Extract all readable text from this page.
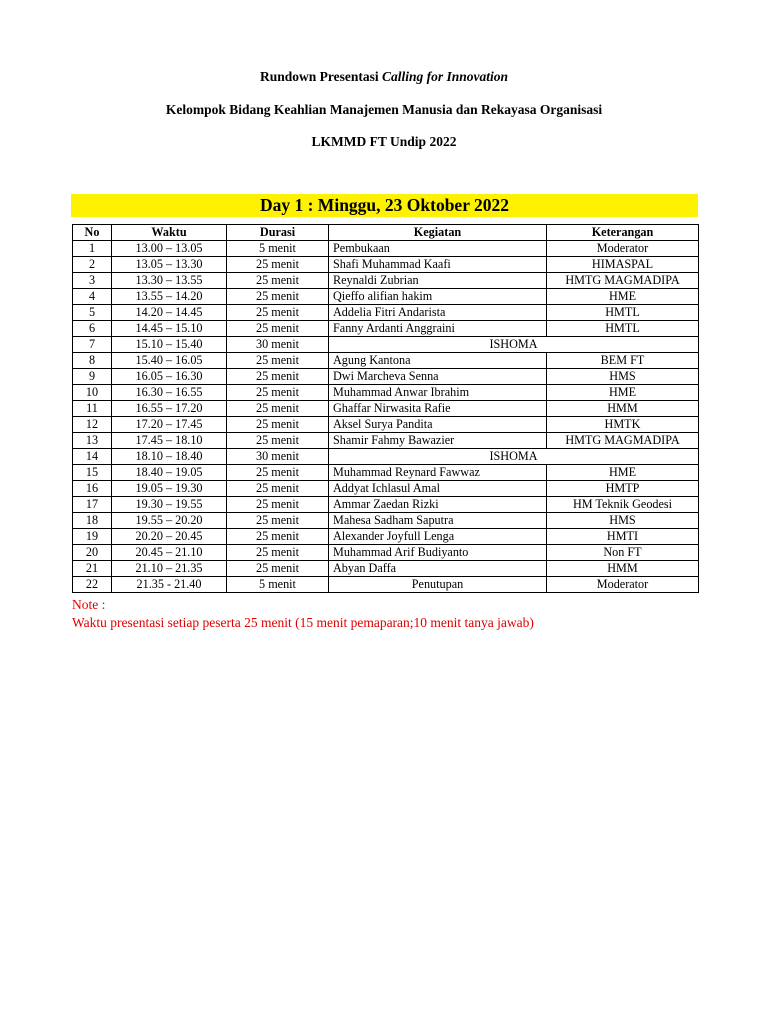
Rundown Presentasi Calling for Innovation
Kelompok Bidang Keahlian Manajemen Manusia dan Rekayasa Organisasi
LKMMD FT Undip 2022
Day 1 : Minggu, 23 Oktober 2022
No	Waktu	Durasi	Kegiatan	Keterangan
1	13.00 – 13.05	5 menit	Pembukaan	Moderator
2	13.05 – 13.30	25 menit	Shafi Muhammad Kaafi	HIMASPAL
3	13.30 – 13.55	25 menit	Reynaldi Zubrian	HMTG MAGMADIPA
4	13.55 – 14.20	25 menit	Qieffo alifian hakim	HME
5	14.20 – 14.45	25 menit	Addelia Fitri Andarista	HMTL
6	14.45 – 15.10	25 menit	Fanny Ardanti Anggraini	HMTL
7	15.10 – 15.40	30 menit	ISHOMA	
8	15.40 – 16.05	25 menit	Agung Kantona	BEM FT
9	16.05 – 16.30	25 menit	Dwi Marcheva Senna	HMS
10	16.30 – 16.55	25 menit	Muhammad Anwar Ibrahim	HME
11	16.55 – 17.20	25 menit	Ghaffar Nirwasita Rafie	HMM
12	17.20 – 17.45	25 menit	Aksel Surya Pandita	HMTK
13	17.45 – 18.10	25 menit	Shamir Fahmy Bawazier	HMTG MAGMADIPA
14	18.10 – 18.40	30 menit	ISHOMA	
15	18.40 – 19.05	25 menit	Muhammad Reynard Fawwaz	HME
16	19.05 – 19.30	25 menit	Addyat Ichlasul Amal	HMTP
17	19.30 – 19.55	25 menit	Ammar Zaedan Rizki	HM Teknik Geodesi
18	19.55 – 20.20	25 menit	Mahesa Sadham Saputra	HMS
19	20.20 – 20.45	25 menit	Alexander Joyfull Lenga	HMTI
20	20.45 – 21.10	25 menit	Muhammad Arif Budiyanto	Non FT
21	21.10 – 21.35	25 menit	Abyan Daffa	HMM
22	21.35 - 21.40	5 menit	Penutupan	Moderator
Note :
Waktu presentasi setiap peserta 25 menit (15 menit pemaparan;10 menit tanya jawab)
